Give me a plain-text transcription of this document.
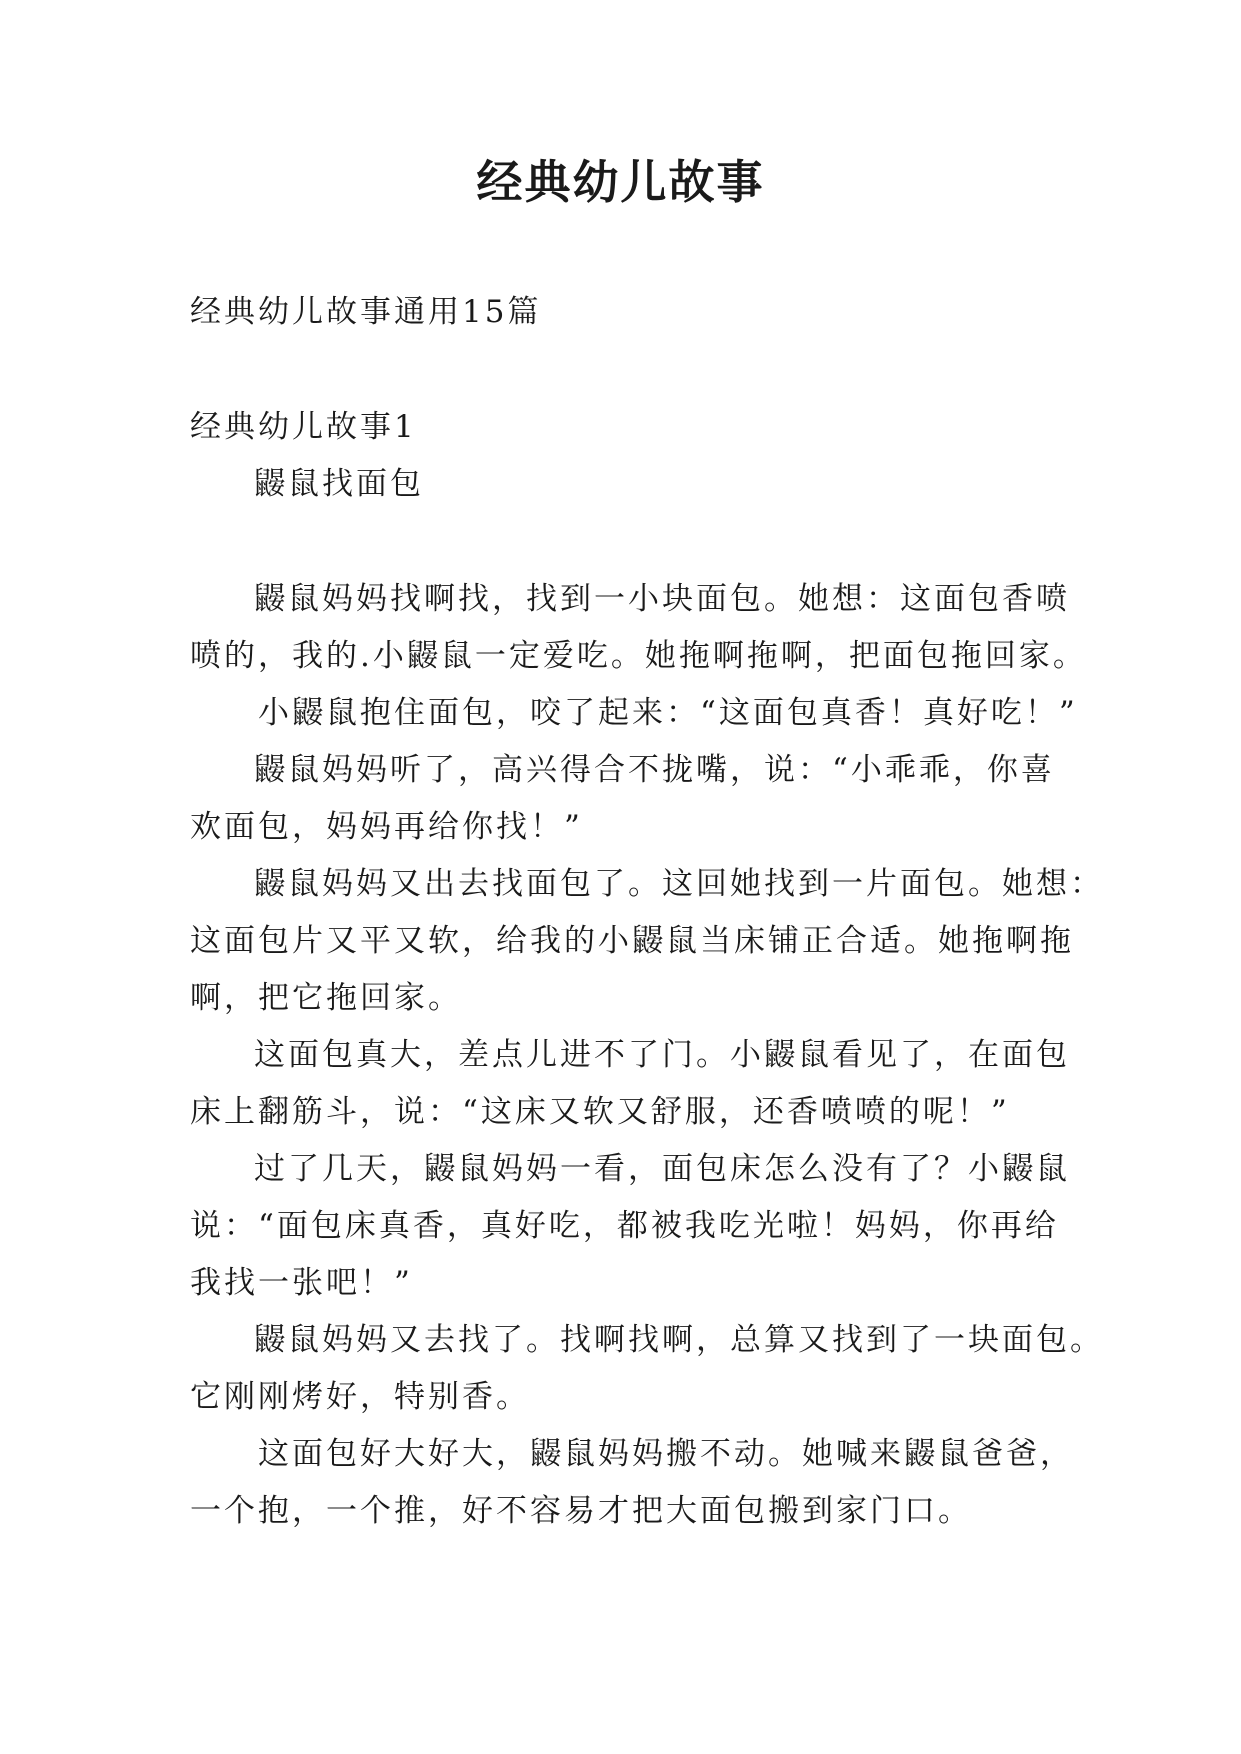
经典幼儿故事
经典幼儿故事通用15篇
经典幼儿故事1
鼹鼠找面包
鼹鼠妈妈找啊找，找到一小块面包。她想：这面包香喷
喷的，我的.小鼹鼠一定爱吃。她拖啊拖啊，把面包拖回家。
小鼹鼠抱住面包，咬了起来：“这面包真香！真好吃！”
鼹鼠妈妈听了，高兴得合不拢嘴，说：“小乖乖，你喜
欢面包，妈妈再给你找！”
鼹鼠妈妈又出去找面包了。这回她找到一片面包。她想：
这面包片又平又软，给我的小鼹鼠当床铺正合适。她拖啊拖
啊，把它拖回家。
这面包真大，差点儿进不了门。小鼹鼠看见了，在面包
床上翻筋斗，说：“这床又软又舒服，还香喷喷的呢！”
过了几天，鼹鼠妈妈一看，面包床怎么没有了？小鼹鼠
说：“面包床真香，真好吃，都被我吃光啦！妈妈，你再给
我找一张吧！”
鼹鼠妈妈又去找了。找啊找啊，总算又找到了一块面包。
它刚刚烤好，特别香。
这面包好大好大，鼹鼠妈妈搬不动。她喊来鼹鼠爸爸，
一个抱，一个推，好不容易才把大面包搬到家门口。
